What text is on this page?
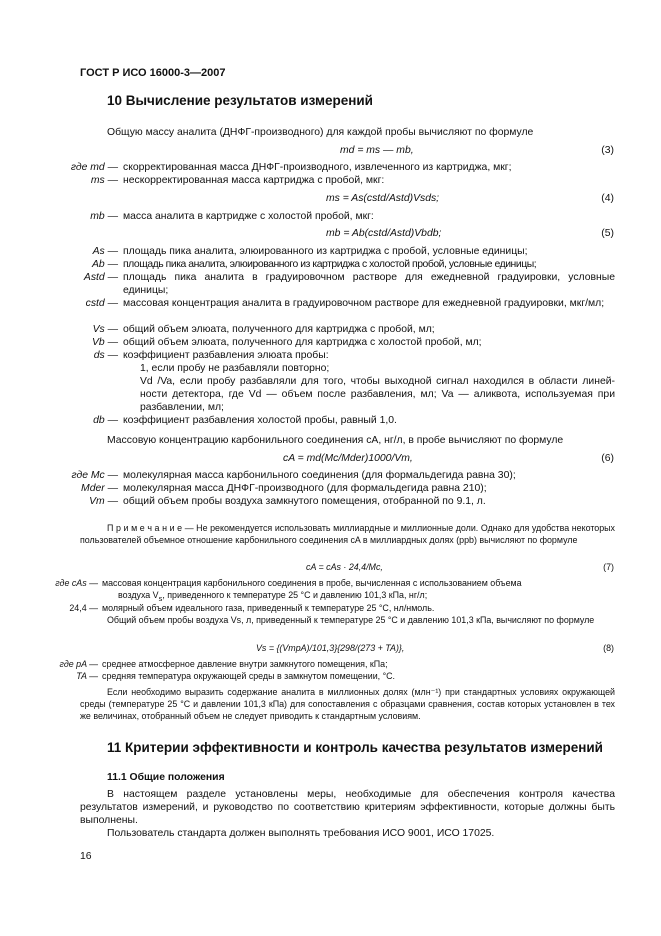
ГОСТ Р ИСО 16000-3—2007
10 Вычисление результатов измерений
Общую массу аналита (ДНФГ-производного) для каждой пробы вычисляют по формуле
md = ms — mb,	(3)
где md — скорректированная масса ДНФГ-производного, извлеченного из картриджа, мкг;
ms — нескорректированная масса картриджа с пробой, мкг:
ms = As(cstd/Astd)Vsds;	(4)
mb — масса аналита в картридже с холостой пробой, мкг:
mb = Ab(cstd/Astd)Vbdb;	(5)
As — площадь пика аналита, элюированного из картриджа с пробой, условные единицы;
Ab — площадь пика аналита, элюированного из картриджа с холостой пробой, условные единицы;
Astd — площадь пика аналита в градуировочном растворе для ежедневной градуировки, условные единицы;
cstd — массовая концентрация аналита в градуировочном растворе для ежедневной градуировки, мкг/мл;
Vs — общий объем элюата, полученного для картриджа с пробой, мл;
Vb — общий объем элюата, полученного для картриджа с холостой пробой, мл;
ds — коэффициент разбавления элюата пробы:
1, если пробу не разбавляли повторно;
Vd /Va, если пробу разбавляли для того, чтобы выходной сигнал находился в области линейности детектора, где Vd — объем после разбавления, мл; Va — аликвота, используемая при разбавлении, мл;
db — коэффициент разбавления холостой пробы, равный 1,0.
Массовую концентрацию карбонильного соединения cA, нг/л, в пробе вычисляют по формуле
cA = md(Mc/Mder)1000/Vm,	(6)
где Mc — молекулярная масса карбонильного соединения (для формальдегида равна 30);
Mder — молекулярная масса ДНФГ-производного (для формальдегида равна 210);
Vm — общий объем пробы воздуха замкнутого помещения, отобранной по 9.1, л.
П р и м е ч а н и е — Не рекомендуется использовать миллиардные и миллионные доли. Однако для удобства некоторых пользователей объемное отношение карбонильного соединения cA в миллиардных долях (ppb) вычисляют по формуле
cA = cAs · 24,4/Mc,	(7)
где cAs — массовая концентрация карбонильного соединения в пробе, вычисленная с использованием объема
воздуха $V_s$, приведенного к температуре 25 °С и давлению 101,3 кПа, нг/л;
24,4 — молярный объем идеального газа, приведенный к температуре 25 °С, нл/нмоль.
Общий объем пробы воздуха Vs, л, приведенный к температуре 25 °С и давлению 101,3 кПа, вычисляют по формуле
Vs = {(VmpA)/101,3}{298/(273 + TA)},	(8)
где pA — среднее атмосферное давление внутри замкнутого помещения, кПа;
TA — средняя температура окружающей среды в замкнутом помещении, °С.
Если необходимо выразить содержание аналита в миллионных долях (млн⁻¹) при стандартных условиях окружающей среды (температуре 25 °С и давлении 101,3 кПа) для сопоставления с образцами сравнения, состав которых установлен в тех же величинах, отобранный объем не следует приводить к стандартным условиям.
11 Критерии эффективности и контроль качества результатов измерений
11.1 Общие положения
В настоящем разделе установлены меры, необходимые для обеспечения контроля качества результатов измерений, и руководство по соответствию критериям эффективности, которые должны быть выполнены.
Пользователь стандарта должен выполнять требования ИСО 9001, ИСО 17025.
16
